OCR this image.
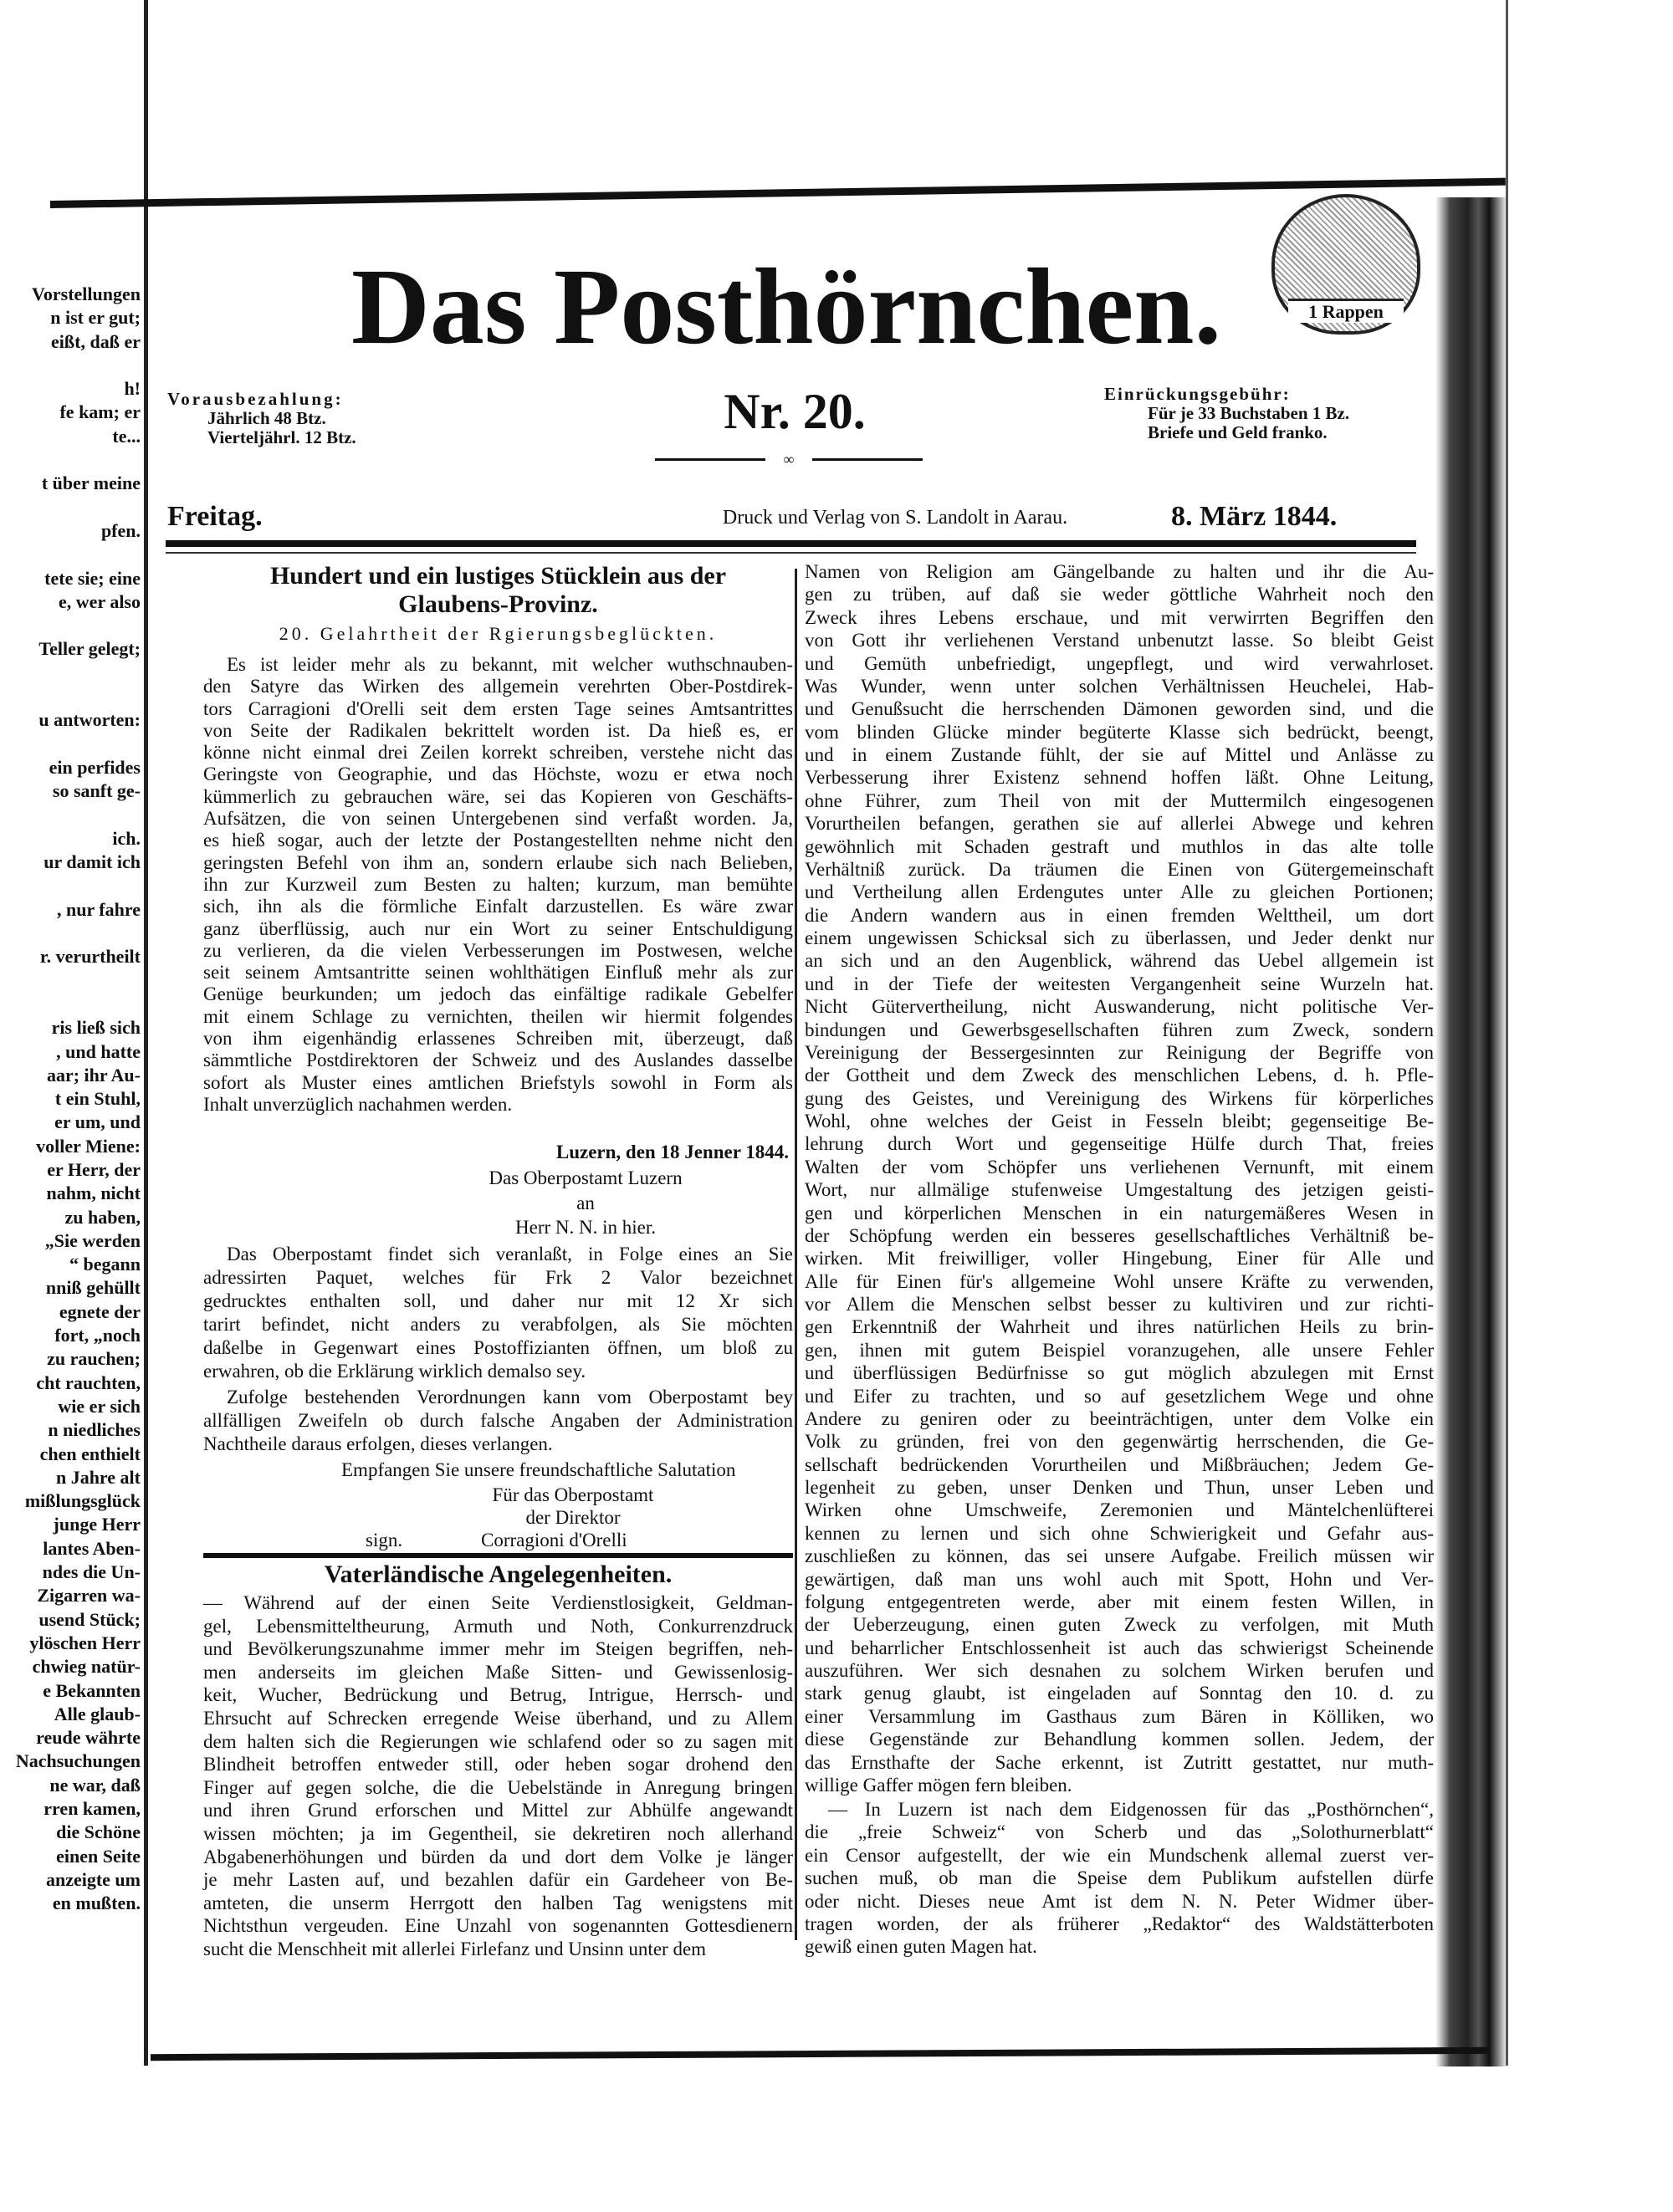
Vorstellungen
n ist er gut;
eißt, daß er
h!
fe kam; er
te...
t über meine
pfen.
tete sie; eine
e, wer also
Teller gelegt;
u antworten:
ein perfides
so sanft ge-
ich.
ur damit ich
, nur fahre
r. verurtheilt
ris ließ sich
, und hatte
aar; ihr Au-
t ein Stuhl,
er um, und
voller Miene:
er Herr, der
nahm, nicht
zu haben,
„Sie werden
“ begann
nniß gehüllt
egnete der
fort, „noch
zu rauchen;
cht rauchten,
wie er sich
n niedliches
chen enthielt
n Jahre alt
mißlungsglück
junge Herr
lantes Aben-
ndes die Un-
Zigarren wa-
usend Stück;
ylöschen Herr
chwieg natür-
e Bekannten
Alle glaub-
reude währte
Nachsuchungen
ne war, daß
rren kamen,
die Schöne
einen Seite
anzeigte um
en mußten.
Das Posthörnchen.	1 Rappen
Nr. 20.
Vorausbezahlung:
Jährlich 48 Btz.
Vierteljährl. 12 Btz.
Einrückungsgebühr:
Für je 33 Buchstaben 1 Bz.
Briefe und Geld franko.
∞
Freitag.	Druck und Verlag von S. Landolt in Aarau.	8. März 1844.
Hundert und ein lustiges Stücklein aus der
Glaubens-Provinz.
20. Gelahrtheit der Rgierungsbeglückten.
Es ist leider mehr als zu bekannt, mit welcher wuthschnauben-
den Satyre das Wirken des allgemein verehrten Ober-Postdirek-
tors Carragioni d'Orelli seit dem ersten Tage seines Amtsantrittes
von Seite der Radikalen bekrittelt worden ist. Da hieß es, er
könne nicht einmal drei Zeilen korrekt schreiben, verstehe nicht das
Geringste von Geographie, und das Höchste, wozu er etwa noch
kümmerlich zu gebrauchen wäre, sei das Kopieren von Geschäfts-
Aufsätzen, die von seinen Untergebenen sind verfaßt worden. Ja,
es hieß sogar, auch der letzte der Postangestellten nehme nicht den
geringsten Befehl von ihm an, sondern erlaube sich nach Belieben,
ihn zur Kurzweil zum Besten zu halten; kurzum, man bemühte
sich, ihn als die förmliche Einfalt darzustellen. Es wäre zwar
ganz überflüssig, auch nur ein Wort zu seiner Entschuldigung
zu verlieren, da die vielen Verbesserungen im Postwesen, welche
seit seinem Amtsantritte seinen wohlthätigen Einfluß mehr als zur
Genüge beurkunden; um jedoch das einfältige radikale Gebelfer
mit einem Schlage zu vernichten, theilen wir hiermit folgendes
von ihm eigenhändig erlassenes Schreiben mit, überzeugt, daß
sämmtliche Postdirektoren der Schweiz und des Auslandes dasselbe
sofort als Muster eines amtlichen Briefstyls sowohl in Form als
Inhalt unverzüglich nachahmen werden.
Luzern, den 18 Jenner 1844.
Das Oberpostamt Luzern
an
Herr N. N. in hier.
Das Oberpostamt findet sich veranlaßt, in Folge eines an Sie
adressirten Paquet, welches für Frk 2 Valor bezeichnet
gedrucktes enthalten soll, und daher nur mit 12 Xr sich
tarirt befindet, nicht anders zu verabfolgen, als Sie möchten
daßelbe in Gegenwart eines Postoffizianten öffnen, um bloß zu
erwahren, ob die Erklärung wirklich demalso sey.
Zufolge bestehenden Verordnungen kann vom Oberpostamt bey
allfälligen Zweifeln ob durch falsche Angaben der Administration
Nachtheile daraus erfolgen, dieses verlangen.
Empfangen Sie unsere freundschaftliche Salutation
Für das Oberpostamt
der Direktor
sign.	Corragioni d'Orelli
Vaterländische Angelegenheiten.
— Während auf der einen Seite Verdienstlosigkeit, Geldman-
gel, Lebensmitteltheurung, Armuth und Noth, Conkurrenzdruck
und Bevölkerungszunahme immer mehr im Steigen begriffen, neh-
men anderseits im gleichen Maße Sitten- und Gewissenlosig-
keit, Wucher, Bedrückung und Betrug, Intrigue, Herrsch- und
Ehrsucht auf Schrecken erregende Weise überhand, und zu Allem
dem halten sich die Regierungen wie schlafend oder so zu sagen mit
Blindheit betroffen entweder still, oder heben sogar drohend den
Finger auf gegen solche, die die Uebelstände in Anregung bringen
und ihren Grund erforschen und Mittel zur Abhülfe angewandt
wissen möchten; ja im Gegentheil, sie dekretiren noch allerhand
Abgabenerhöhungen und bürden da und dort dem Volke je länger
je mehr Lasten auf, und bezahlen dafür ein Gardeheer von Be-
amteten, die unserm Herrgott den halben Tag wenigstens mit
Nichtsthun vergeuden. Eine Unzahl von sogenannten Gottesdienern
sucht die Menschheit mit allerlei Firlefanz und Unsinn unter dem
Namen von Religion am Gängelbande zu halten und ihr die Au-
gen zu trüben, auf daß sie weder göttliche Wahrheit noch den
Zweck ihres Lebens erschaue, und mit verwirrten Begriffen den
von Gott ihr verliehenen Verstand unbenutzt lasse. So bleibt Geist
und Gemüth unbefriedigt, ungepflegt, und wird verwahrloset.
Was Wunder, wenn unter solchen Verhältnissen Heuchelei, Hab-
und Genußsucht die herrschenden Dämonen geworden sind, und die
vom blinden Glücke minder begüterte Klasse sich bedrückt, beengt,
und in einem Zustande fühlt, der sie auf Mittel und Anlässe zu
Verbesserung ihrer Existenz sehnend hoffen läßt. Ohne Leitung,
ohne Führer, zum Theil von mit der Muttermilch eingesogenen
Vorurtheilen befangen, gerathen sie auf allerlei Abwege und kehren
gewöhnlich mit Schaden gestraft und muthlos in das alte tolle
Verhältniß zurück. Da träumen die Einen von Gütergemeinschaft
und Vertheilung allen Erdengutes unter Alle zu gleichen Portionen;
die Andern wandern aus in einen fremden Welttheil, um dort
einem ungewissen Schicksal sich zu überlassen, und Jeder denkt nur
an sich und an den Augenblick, während das Uebel allgemein ist
und in der Tiefe der weitesten Vergangenheit seine Wurzeln hat.
Nicht Gütervertheilung, nicht Auswanderung, nicht politische Ver-
bindungen und Gewerbsgesellschaften führen zum Zweck, sondern
Vereinigung der Bessergesinnten zur Reinigung der Begriffe von
der Gottheit und dem Zweck des menschlichen Lebens, d. h. Pfle-
gung des Geistes, und Vereinigung des Wirkens für körperliches
Wohl, ohne welches der Geist in Fesseln bleibt; gegenseitige Be-
lehrung durch Wort und gegenseitige Hülfe durch That, freies
Walten der vom Schöpfer uns verliehenen Vernunft, mit einem
Wort, nur allmälige stufenweise Umgestaltung des jetzigen geisti-
gen und körperlichen Menschen in ein naturgemäßeres Wesen in
der Schöpfung werden ein besseres gesellschaftliches Verhältniß be-
wirken. Mit freiwilliger, voller Hingebung, Einer für Alle und
Alle für Einen für's allgemeine Wohl unsere Kräfte zu verwenden,
vor Allem die Menschen selbst besser zu kultiviren und zur richti-
gen Erkenntniß der Wahrheit und ihres natürlichen Heils zu brin-
gen, ihnen mit gutem Beispiel voranzugehen, alle unsere Fehler
und überflüssigen Bedürfnisse so gut möglich abzulegen mit Ernst
und Eifer zu trachten, und so auf gesetzlichem Wege und ohne
Andere zu geniren oder zu beeinträchtigen, unter dem Volke ein
Volk zu gründen, frei von den gegenwärtig herrschenden, die Ge-
sellschaft bedrückenden Vorurtheilen und Mißbräuchen; Jedem Ge-
legenheit zu geben, unser Denken und Thun, unser Leben und
Wirken ohne Umschweife, Zeremonien und Mäntelchenlüfterei
kennen zu lernen und sich ohne Schwierigkeit und Gefahr aus-
zuschließen zu können, das sei unsere Aufgabe. Freilich müssen wir
gewärtigen, daß man uns wohl auch mit Spott, Hohn und Ver-
folgung entgegentreten werde, aber mit einem festen Willen, in
der Ueberzeugung, einen guten Zweck zu verfolgen, mit Muth
und beharrlicher Entschlossenheit ist auch das schwierigst Scheinende
auszuführen. Wer sich desnahen zu solchem Wirken berufen und
stark genug glaubt, ist eingeladen auf Sonntag den 10. d. zu
einer Versammlung im Gasthaus zum Bären in Kölliken, wo
diese Gegenstände zur Behandlung kommen sollen. Jedem, der
das Ernsthafte der Sache erkennt, ist Zutritt gestattet, nur muth-
willige Gaffer mögen fern bleiben.
— In Luzern ist nach dem Eidgenossen für das „Posthörnchen“,
die „freie Schweiz“ von Scherb und das „Solothurnerblatt“
ein Censor aufgestellt, der wie ein Mundschenk allemal zuerst ver-
suchen muß, ob man die Speise dem Publikum aufstellen dürfe
oder nicht. Dieses neue Amt ist dem N. N. Peter Widmer über-
tragen worden, der als früherer „Redaktor“ des Waldstätterboten
gewiß einen guten Magen hat.
